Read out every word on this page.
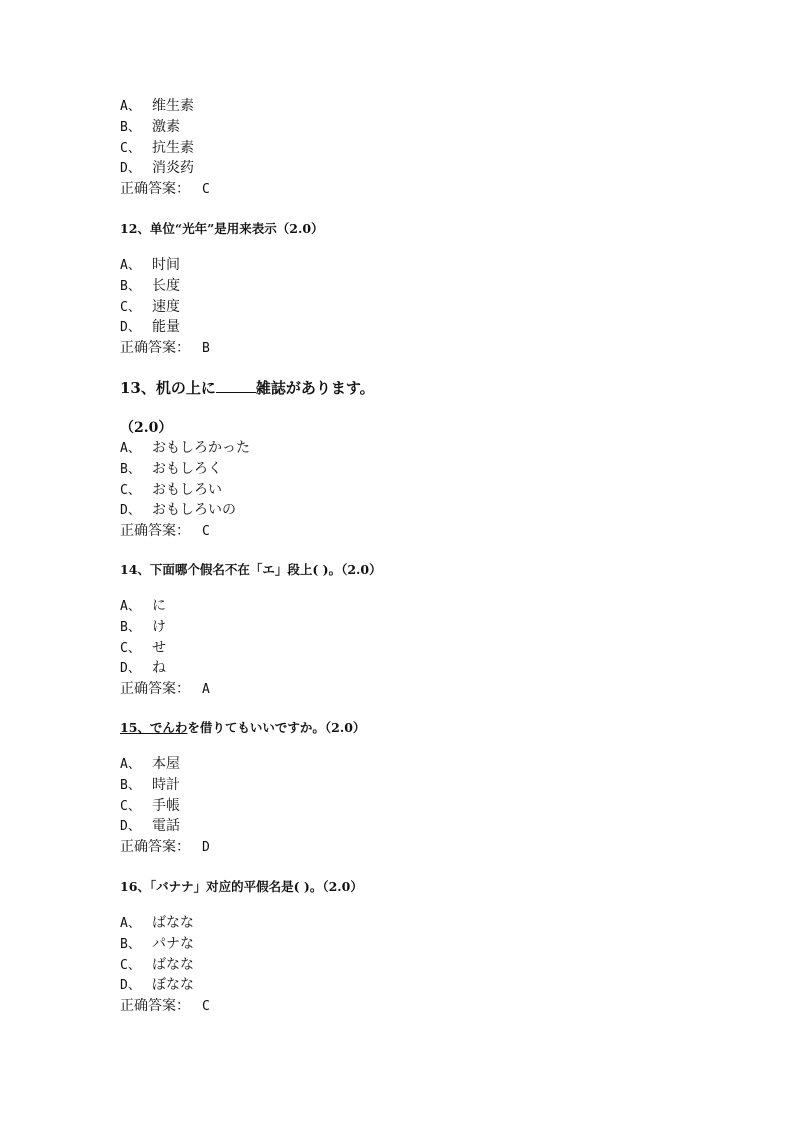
A、 维生素
B、 激素
C、 抗生素
D、 消炎药
正确答案： C
12、单位“光年”是用来表示（2.0）
A、 时间
B、 长度
C、 速度
D、 能量
正确答案： B
13、机の上に	雑誌があります。
（2.0）
A、 おもしろかった
B、 おもしろく
C、 おもしろい
D、 おもしろいの
正确答案： C
14、下面哪个假名不在「エ」段上( )。（2.0）
A、 に
B、 け
C、 せ
D、 ね
正确答案： A
15、でんわを借りてもいいですか。（2.0）
A、 本屋
B、 時計
C、 手帳
D、 電話
正确答案： D
16、「バナナ」对应的平假名是( )。（2.0）
A、 ばなな
B、 パナな
C、 ばなな
D、 ぼなな
正确答案： C
